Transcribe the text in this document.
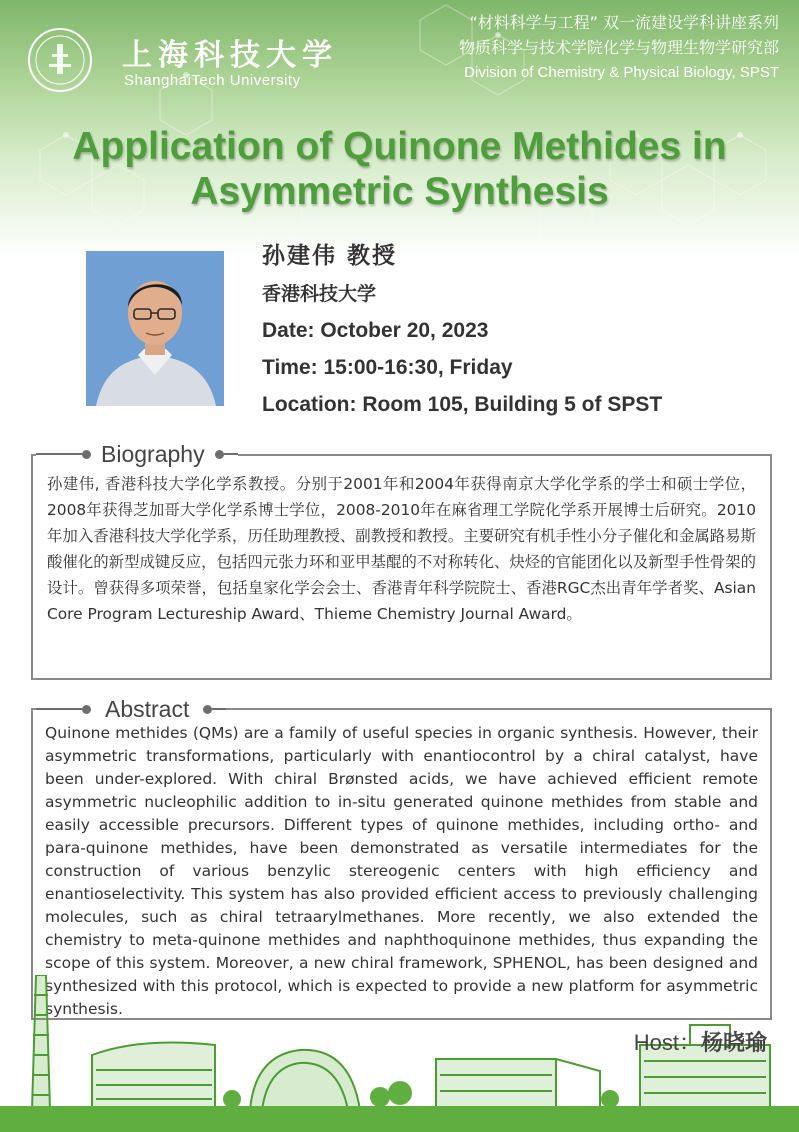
上海科技大学
ShanghaiTech University
“材料科学与工程” 双一流建设学科讲座系列
物质科学与技术学院化学与物理生物学研究部
Division of Chemistry & Physical Biology, SPST
Application of Quinone Methides in
Asymmetric Synthesis
孙建伟 教授
香港科技大学
Date: October 20, 2023
Time: 15:00-16:30, Friday
Location: Room 105, Building 5 of SPST
孙建伟, 香港科技大学化学系教授。分别于2001年和2004年获得南京大学化学系的学士和硕士学位，2008年获得芝加哥大学化学系博士学位，2008-2010年在麻省理工学院化学系开展博士后研究。2010年加入香港科技大学化学系，历任助理教授、副教授和教授。主要研究有机手性小分子催化和金属路易斯酸催化的新型成键反应，包括四元张力环和亚甲基醌的不对称转化、炔烃的官能团化以及新型手性骨架的设计。曾获得多项荣誉，包括皇家化学会会士、香港青年科学院院士、香港RGC杰出青年学者奖、Asian Core Program Lectureship Award、Thieme Chemistry Journal Award。
Biography
Quinone methides (QMs) are a family of useful species in organic synthesis. However, their asymmetric transformations, particularly with enantiocontrol by a chiral catalyst, have been under-explored. With chiral Brønsted acids, we have achieved efficient remote asymmetric nucleophilic addition to in-situ generated quinone methides from stable and easily accessible precursors. Different types of quinone methides, including ortho- and para-quinone methides, have been demonstrated as versatile intermediates for the construction of various benzylic stereogenic centers with high efficiency and enantioselectivity. This system has also provided efficient access to previously challenging molecules, such as chiral tetraarylmethanes. More recently, we also extended the chemistry to meta-quinone methides and naphthoquinone methides, thus expanding the scope of this system. Moreover, a new chiral framework, SPHENOL, has been designed and synthesized with this protocol, which is expected to provide a new platform for asymmetric synthesis.
Abstract
Host：杨晓瑜
